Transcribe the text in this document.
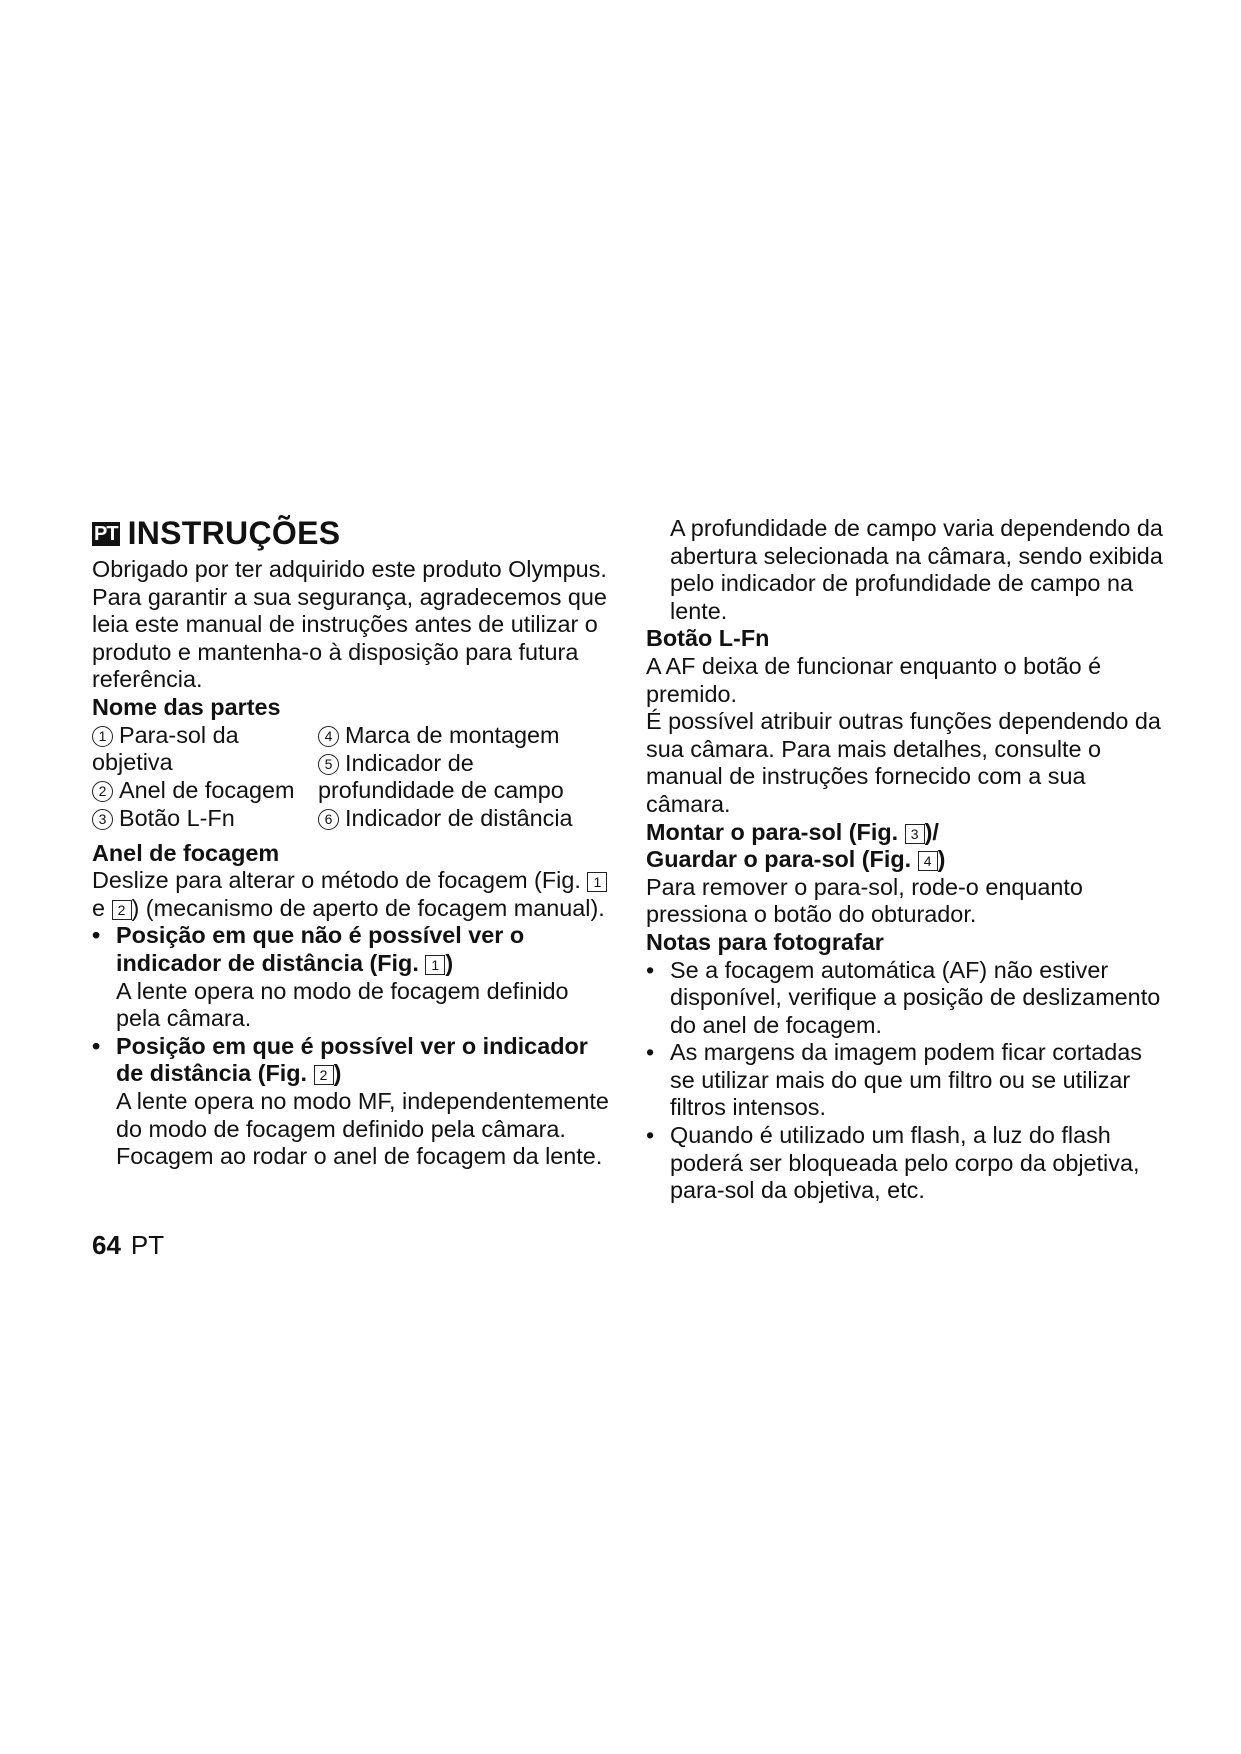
PT INSTRUÇÕES

Obrigado por ter adquirido este produto Olympus. Para garantir a sua segurança, agradecemos que leia este manual de instruções antes de utilizar o produto e mantenha-o à disposição para futura referência.

Nome das partes

1 Para-sol da objetiva
2 Anel de focagem
3 Botão L-Fn
4 Marca de montagem
5 Indicador de profundidade de campo
6 Indicador de distância

Anel de focagem

Deslize para alterar o método de focagem (Fig. 1 e 2 ) (mecanismo de aperto de focagem manual).

• Posição em que não é possível ver o indicador de distância (Fig. 1 )

A lente opera no modo de focagem definido pela câmara.

• Posição em que é possível ver o indicador de distância (Fig. 2 )

A lente opera no modo MF, independentemente do modo de focagem definido pela câmara. Focagem ao rodar o anel de focagem da lente.

A profundidade de campo varia dependendo da abertura selecionada na câmara, sendo exibida pelo indicador de profundidade de campo na lente.

Botão L-Fn

A AF deixa de funcionar enquanto o botão é premido.

É possível atribuir outras funções dependendo da sua câmara. Para mais detalhes, consulte o manual de instruções fornecido com a sua câmara.

Montar o para-sol (Fig. 3 )/

Guardar o para-sol (Fig. 4 )

Para remover o para-sol, rode-o enquanto pressiona o botão do obturador.

Notas para fotografar

• Se a focagem automática (AF) não estiver disponível, verifique a posição de deslizamento do anel de focagem.

• As margens da imagem podem ficar cortadas se utilizar mais do que um filtro ou se utilizar filtros intensos.

• Quando é utilizado um flash, a luz do flash poderá ser bloqueada pelo corpo da objetiva, para-sol da objetiva, etc.

64 PT
